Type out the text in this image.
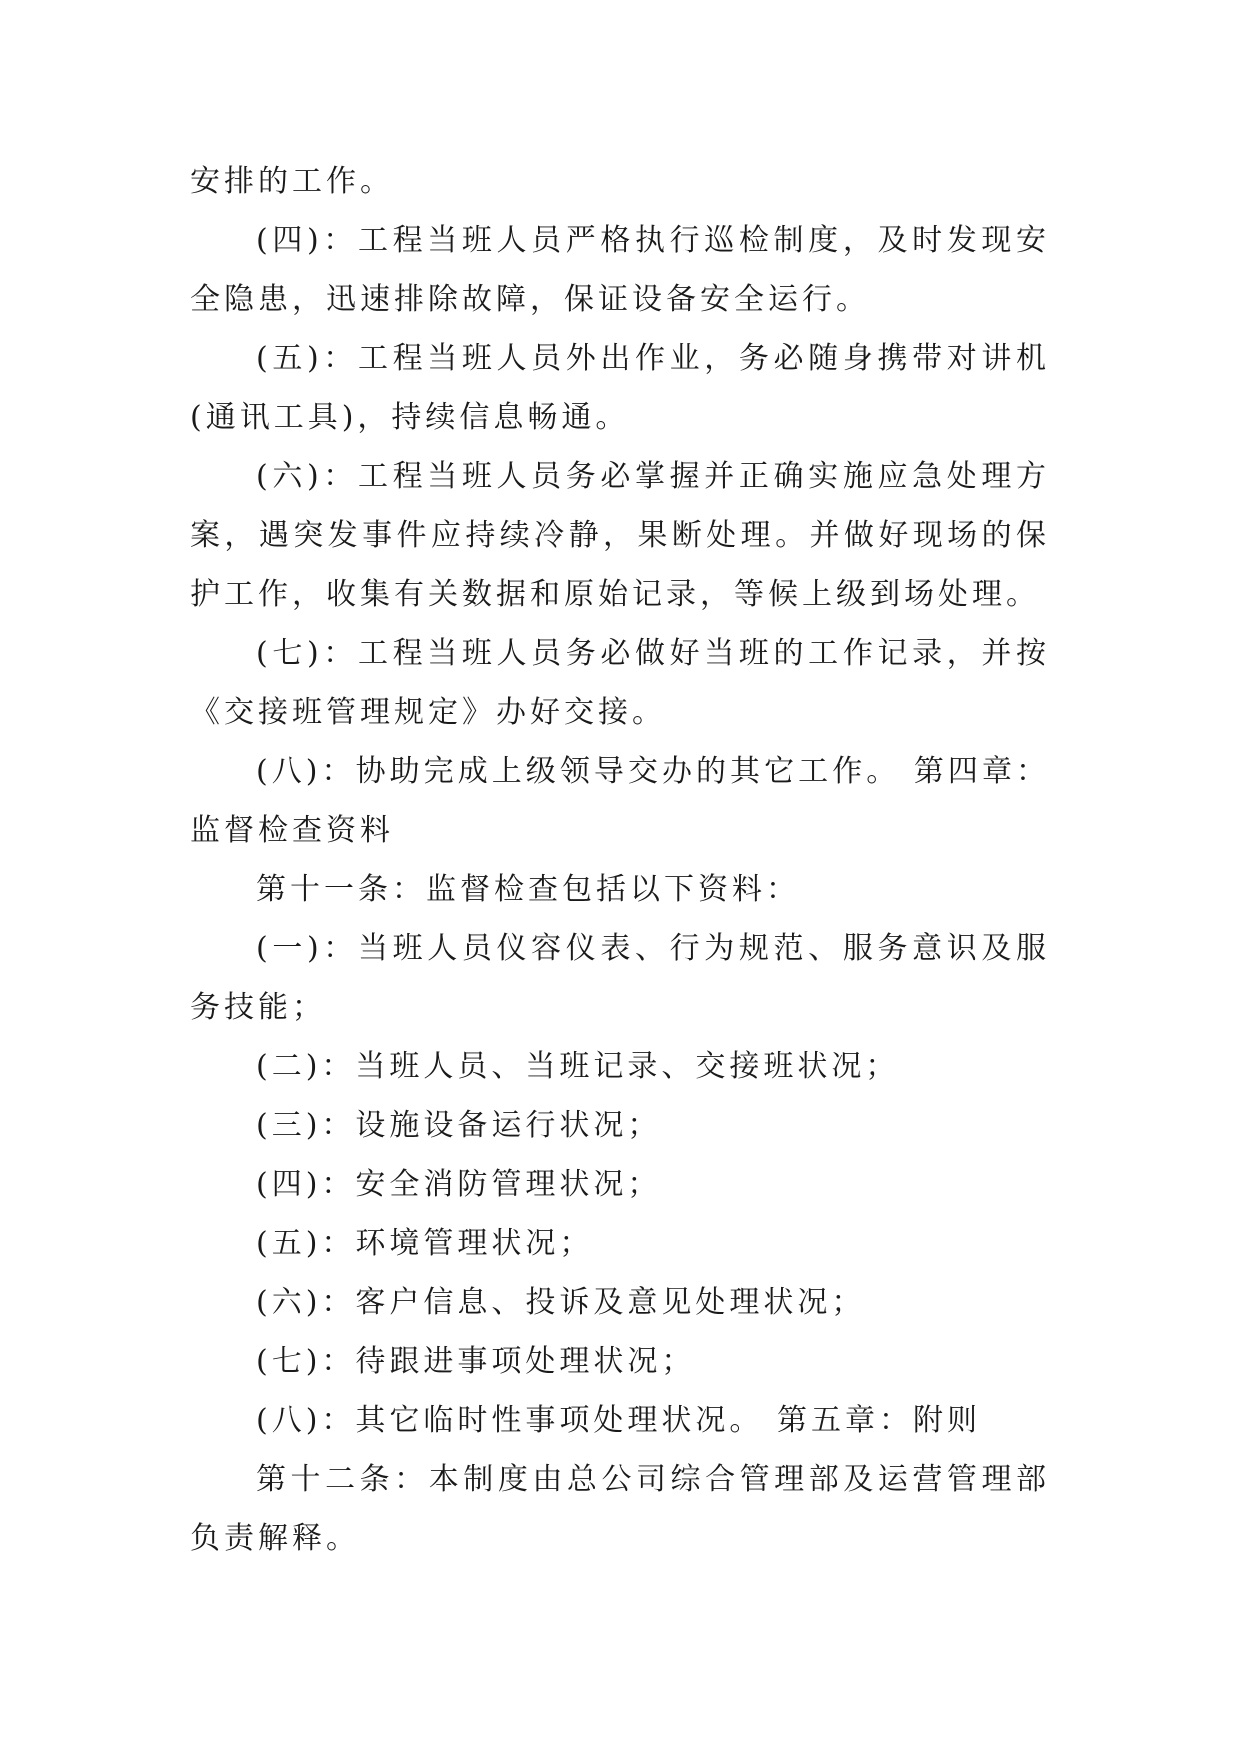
安排的工作。

(四)：工程当班人员严格执行巡检制度，及时发现安全隐患，迅速排除故障，保证设备安全运行。

(五)：工程当班人员外出作业，务必随身携带对讲机(通讯工具)，持续信息畅通。

(六)：工程当班人员务必掌握并正确实施应急处理方案，遇突发事件应持续冷静，果断处理。并做好现场的保护工作，收集有关数据和原始记录，等候上级到场处理。

(七)：工程当班人员务必做好当班的工作记录，并按《交接班管理规定》办好交接。

(八)：协助完成上级领导交办的其它工作。 第四章：监督检查资料

第十一条：监督检查包括以下资料：

(一)：当班人员仪容仪表、行为规范、服务意识及服务技能；

(二)：当班人员、当班记录、交接班状况；

(三)：设施设备运行状况；

(四)：安全消防管理状况；

(五)：环境管理状况；

(六)：客户信息、投诉及意见处理状况；

(七)：待跟进事项处理状况；

(八)：其它临时性事项处理状况。 第五章：附则

第十二条：本制度由总公司综合管理部及运营管理部负责解释。
